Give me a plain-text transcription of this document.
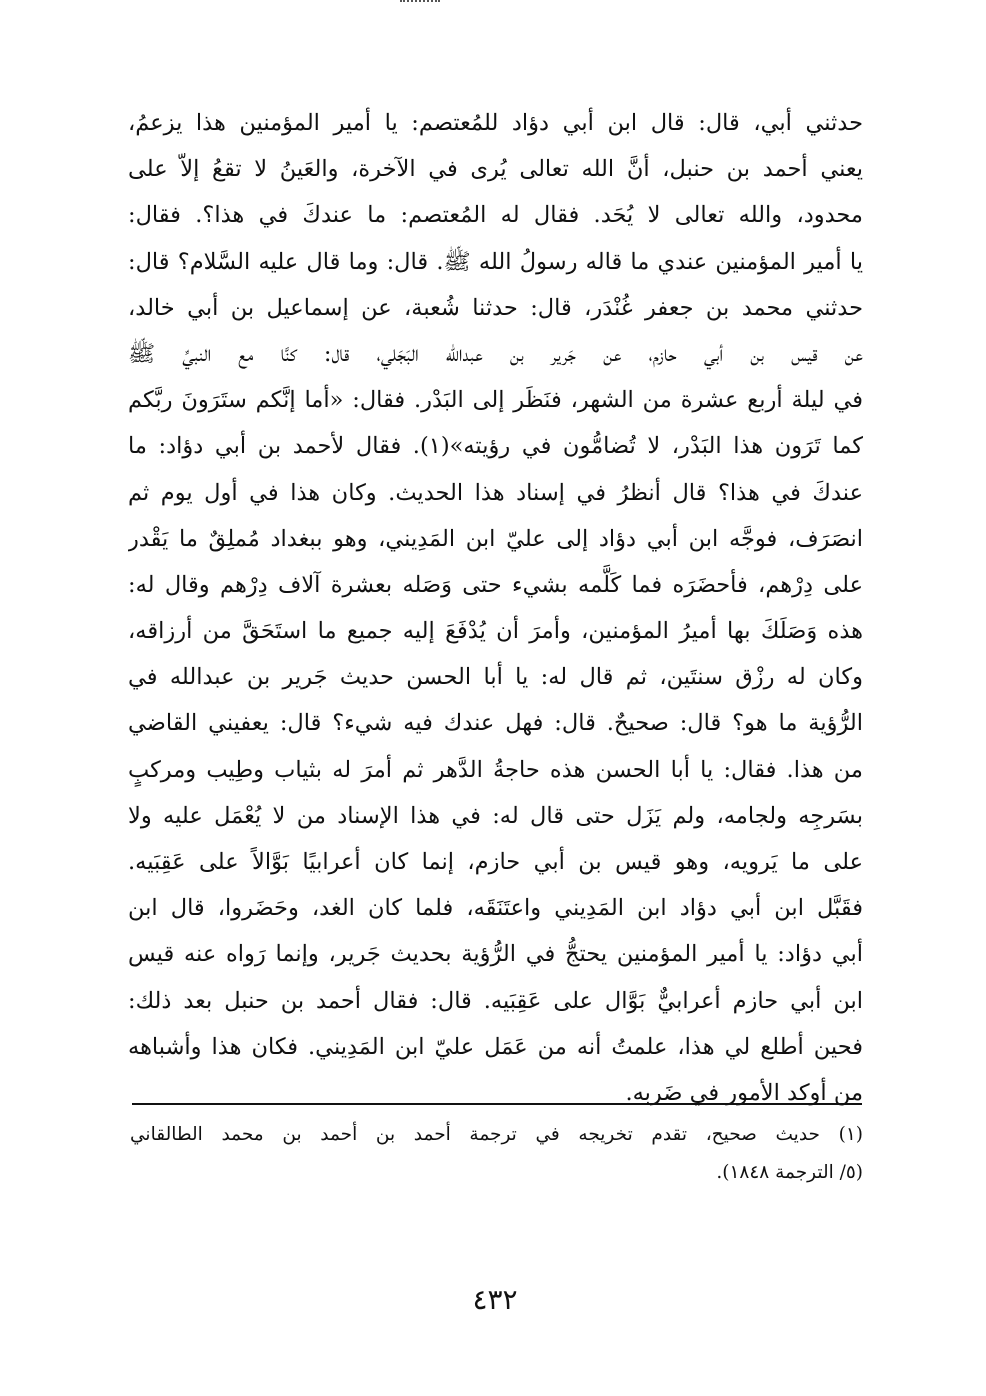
حدثني أبي، قال: قال ابن أبي دؤاد للمُعتصم: يا أمير المؤمنين هذا يزعمُ،
يعني أحمد بن حنبل، أنَّ الله تعالى يُرى في الآخرة، والعَينُ لا تقعُ إلاّ على
محدود، والله تعالى لا يُحَد. فقال له المُعتصم: ما عندكَ في هذا؟. فقال:
يا أمير المؤمنين عندي ما قاله رسولُ الله ﷺ. قال: وما قال عليه السَّلام؟ قال:
حدثني محمد بن جعفر غُنْدَر، قال: حدثنا شُعبة، عن إسماعيل بن أبي خالد،
عن قيس بن أبي حازم، عن جَرير بن عبدالله البَجَلي، قال: كنَّا مع النبيِّ ﷺ
في ليلة أربع عشرة من الشهر، فنَظَر إلى البَدْر. فقال: «أما إنَّكم ستَرَونَ ربَّكم
كما تَرَون هذا البَدْر، لا تُضامُّون في رؤيته»(١). فقال لأحمد بن أبي دؤاد: ما
عندكَ في هذا؟ قال أنظرُ في إسناد هذا الحديث. وكان هذا في أول يوم ثم
انصَرَف، فوجَّه ابن أبي دؤاد إلى عليّ ابن المَدِيني، وهو ببغداد مُملِقٌ ما يَقْدر
على دِرْهم، فأحضَرَه فما كَلَّمه بشيء حتى وَصَله بعشرة آلاف دِرْهم وقال له:
هذه وَصَلَكَ بها أميرُ المؤمنين، وأمرَ أن يُدْفَعَ إليه جميع ما استَحَقَّ من أرزاقه،
وكان له رزْق سنتَين، ثم قال له: يا أبا الحسن حديث جَرير بن عبدالله في
الرُّؤية ما هو؟ قال: صحيحٌ. قال: فهل عندك فيه شيء؟ قال: يعفيني القاضي
من هذا. فقال: يا أبا الحسن هذه حاجةُ الدَّهر ثم أمرَ له بثياب وطِيب ومركبٍ
بسَرجِه ولجامه، ولم يَزَل حتى قال له: في هذا الإسناد من لا يُعْمَل عليه ولا
على ما يَرويه، وهو قيس بن أبي حازم، إنما كان أعرابيًا بَوَّالاً على عَقِبَيه.
فقَبَّل ابن أبي دؤاد ابن المَدِيني واعتَنَقَه، فلما كان الغد، وحَضَروا، قال ابن
أبي دؤاد: يا أمير المؤمنين يحتجُّ في الرُّؤية بحديث جَرير، وإنما رَواه عنه قيس
ابن أبي حازم أعرابيٌّ بَوَّال على عَقِبَيه. قال: فقال أحمد بن حنبل بعد ذلك:
فحين أطلع لي هذا، علمتُ أنه من عَمَل عليّ ابن المَدِيني. فكان هذا وأشباهه
من أوكد الأمور في ضَربه.
(١) حديث صحيح، تقدم تخريجه في ترجمة أحمد بن أحمد بن محمد الطالقاني
(٥/ الترجمة ١٨٤٨).
٤٣٢
